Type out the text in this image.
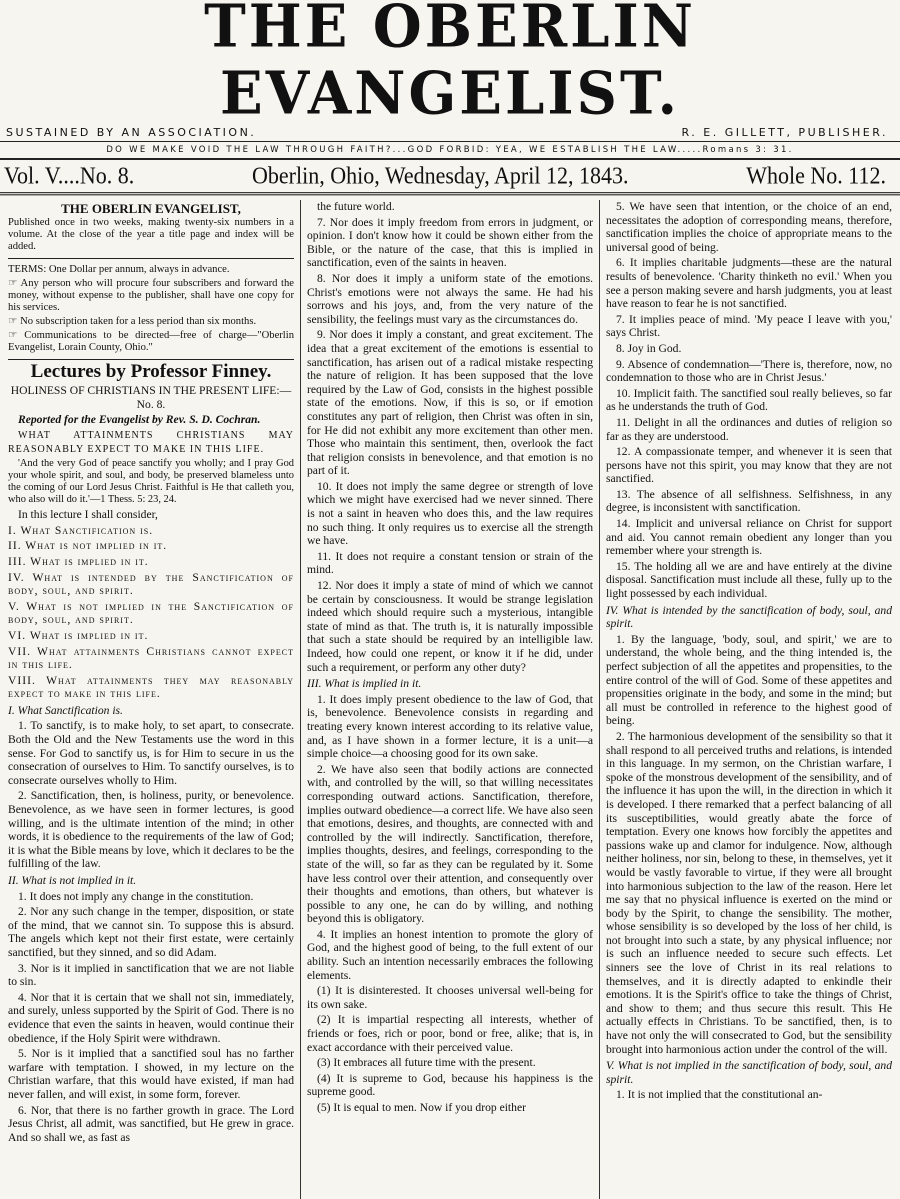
THE OBERLIN EVANGELIST.
SUSTAINED BY AN ASSOCIATION.	R. E. GILLETT, PUBLISHER.
DO WE MAKE VOID THE LAW THROUGH FAITH?...GOD FORBID: YEA, WE ESTABLISH THE LAW.....Romans 3: 31.
Vol. V....No. 8.	Oberlin, Ohio, Wednesday, April 12, 1843.	Whole No. 112.
THE OBERLIN EVANGELIST,

Published once in two weeks, making twenty-six numbers in a volume. At the close of the year a title page and index will be added.

TERMS: One Dollar per annum, always in advance.

☞ Any person who will procure four subscribers and forward the money, without expense to the publisher, shall have one copy for his services.

☞ No subscription taken for a less period than six months.

☞ Communications to be directed—free of charge—"Oberlin Evangelist, Lorain County, Ohio."

Lectures by Professor Finney.

HOLINESS OF CHRISTIANS IN THE PRESENT LIFE:—No. 8.

Reported for the Evangelist by Rev. S. D. Cochran.

WHAT ATTAINMENTS CHRISTIANS MAY REASONABLY EXPECT TO MAKE IN THIS LIFE.

'And the very God of peace sanctify you wholly; and I pray God your whole spirit, and soul, and body, be preserved blameless unto the coming of our Lord Jesus Christ. Faithful is He that calleth you, who also will do it.'—1 Thess. 5: 23, 24.

In this lecture I shall consider,

I. What Sanctification is.

II. What is not implied in it.

III. What is implied in it.

IV. What is intended by the Sanctification of body, soul, and spirit.

V. What is not implied in the Sanctification of body, soul, and spirit.

VI. What is implied in it.

VII. What attainments Christians cannot expect in this life.

VIII. What attainments they may reasonably expect to make in this life.

I. What Sanctification is.

1. To sanctify, is to make holy, to set apart, to consecrate. Both the Old and the New Testaments use the word in this sense. For God to sanctify us, is for Him to secure in us the consecration of ourselves to Him. To sanctify ourselves, is to consecrate ourselves wholly to Him.

2. Sanctification, then, is holiness, purity, or benevolence. Benevolence, as we have seen in former lectures, is good willing, and is the ultimate intention of the mind; in other words, it is obedience to the requirements of the law of God; it is what the Bible means by love, which it declares to be the fulfilling of the law.

II. What is not implied in it.

1. It does not imply any change in the constitution.

2. Nor any such change in the temper, disposition, or state of the mind, that we cannot sin. To suppose this is absurd. The angels which kept not their first estate, were certainly sanctified, but they sinned, and so did Adam.

3. Nor is it implied in sanctification that we are not liable to sin.

4. Nor that it is certain that we shall not sin, immediately, and surely, unless supported by the Spirit of God. There is no evidence that even the saints in heaven, would continue their obedience, if the Holy Spirit were withdrawn.

5. Nor is it implied that a sanctified soul has no farther warfare with temptation. I showed, in my lecture on the Christian warfare, that this would have existed, if man had never fallen, and will exist, in some form, forever.

6. Nor, that there is no farther growth in grace. The Lord Jesus Christ, all admit, was sanctified, but He grew in grace. And so shall we, as fast as

the future world.

7. Nor does it imply freedom from errors in judgment, or opinion. I don't know how it could be shown either from the Bible, or the nature of the case, that this is implied in sanctification, even of the saints in heaven.

8. Nor does it imply a uniform state of the emotions. Christ's emotions were not always the same. He had his sorrows and his joys, and, from the very nature of the sensibility, the feelings must vary as the circumstances do.

9. Nor does it imply a constant, and great excitement. The idea that a great excitement of the emotions is essential to sanctification, has arisen out of a radical mistake respecting the nature of religion. It has been supposed that the love required by the Law of God, consists in the highest possible state of the emotions. Now, if this is so, or if emotion constitutes any part of religion, then Christ was often in sin, for He did not exhibit any more excitement than other men. Those who maintain this sentiment, then, overlook the fact that religion consists in benevolence, and that emotion is no part of it.

10. It does not imply the same degree or strength of love which we might have exercised had we never sinned. There is not a saint in heaven who does this, and the law requires no such thing. It only requires us to exercise all the strength we have.

11. It does not require a constant tension or strain of the mind.

12. Nor does it imply a state of mind of which we cannot be certain by consciousness. It would be strange legislation indeed which should require such a mysterious, intangible state of mind as that. The truth is, it is naturally impossible that such a state should be required by an intelligible law. Indeed, how could one repent, or know it if he did, under such a requirement, or perform any other duty?

III. What is implied in it.

1. It does imply present obedience to the law of God, that is, benevolence. Benevolence consists in regarding and treating every known interest according to its relative value, and, as I have shown in a former lecture, it is a unit—a simple choice—a choosing good for its own sake.

2. We have also seen that bodily actions are connected with, and controlled by the will, so that willing necessitates corresponding outward actions. Sanctification, therefore, implies outward obedience—a correct life. We have also seen that emotions, desires, and thoughts, are connected with and controlled by the will indirectly. Sanctification, therefore, implies thoughts, desires, and feelings, corresponding to the state of the will, so far as they can be regulated by it. Some have less control over their attention, and consequently over their thoughts and emotions, than others, but whatever is possible to any one, he can do by willing, and nothing beyond this is obligatory.

4. It implies an honest intention to promote the glory of God, and the highest good of being, to the full extent of our ability. Such an intention necessarily embraces the following elements.

(1) It is disinterested. It chooses universal well-being for its own sake.

(2) It is impartial respecting all interests, whether of friends or foes, rich or poor, bond or free, alike; that is, in exact accordance with their perceived value.

(3) It embraces all future time with the present.

(4) It is supreme to God, because his happiness is the supreme good.

(5) It is equal to men. Now if you drop either

5. We have seen that intention, or the choice of an end, necessitates the adoption of corresponding means, therefore, sanctification implies the choice of appropriate means to the universal good of being.

6. It implies charitable judgments—these are the natural results of benevolence. 'Charity thinketh no evil.' When you see a person making severe and harsh judgments, you at least have reason to fear he is not sanctified.

7. It implies peace of mind. 'My peace I leave with you,' says Christ.

8. Joy in God.

9. Absence of condemnation—'There is, therefore, now, no condemnation to those who are in Christ Jesus.'

10. Implicit faith. The sanctified soul really believes, so far as he understands the truth of God.

11. Delight in all the ordinances and duties of religion so far as they are understood.

12. A compassionate temper, and whenever it is seen that persons have not this spirit, you may know that they are not sanctified.

13. The absence of all selfishness. Selfishness, in any degree, is inconsistent with sanctification.

14. Implicit and universal reliance on Christ for support and aid. You cannot remain obedient any longer than you remember where your strength is.

15. The holding all we are and have entirely at the divine disposal. Sanctification must include all these, fully up to the light possessed by each individual.

IV. What is intended by the sanctification of body, soul, and spirit.

1. By the language, 'body, soul, and spirit,' we are to understand, the whole being, and the thing intended is, the perfect subjection of all the appetites and propensities, to the entire control of the will of God. Some of these appetites and propensities originate in the body, and some in the mind; but all must be controlled in reference to the highest good of being.

2. The harmonious development of the sensibility so that it shall respond to all perceived truths and relations, is intended in this language. In my sermon, on the Christian warfare, I spoke of the monstrous development of the sensibility, and of the influence it has upon the will, in the direction in which it is developed. I there remarked that a perfect balancing of all its susceptibilities, would greatly abate the force of temptation. Every one knows how forcibly the appetites and passions wake up and clamor for indulgence. Now, although neither holiness, nor sin, belong to these, in themselves, yet it would be vastly favorable to virtue, if they were all brought into harmonious subjection to the law of the reason. Here let me say that no physical influence is exerted on the mind or body by the Spirit, to change the sensibility. The mother, whose sensibility is so developed by the loss of her child, is not brought into such a state, by any physical influence; nor is such an influence needed to secure such effects. Let sinners see the love of Christ in its real relations to themselves, and it is directly adapted to enkindle their emotions. It is the Spirit's office to take the things of Christ, and show to them; and thus secure this result. This He actually effects in Christians. To be sanctified, then, is to have not only the will consecrated to God, but the sensibility brought into harmonious action under the control of the will.

V. What is not implied in the sanctification of body, soul, and spirit.

1. It is not implied that the constitutional an-
